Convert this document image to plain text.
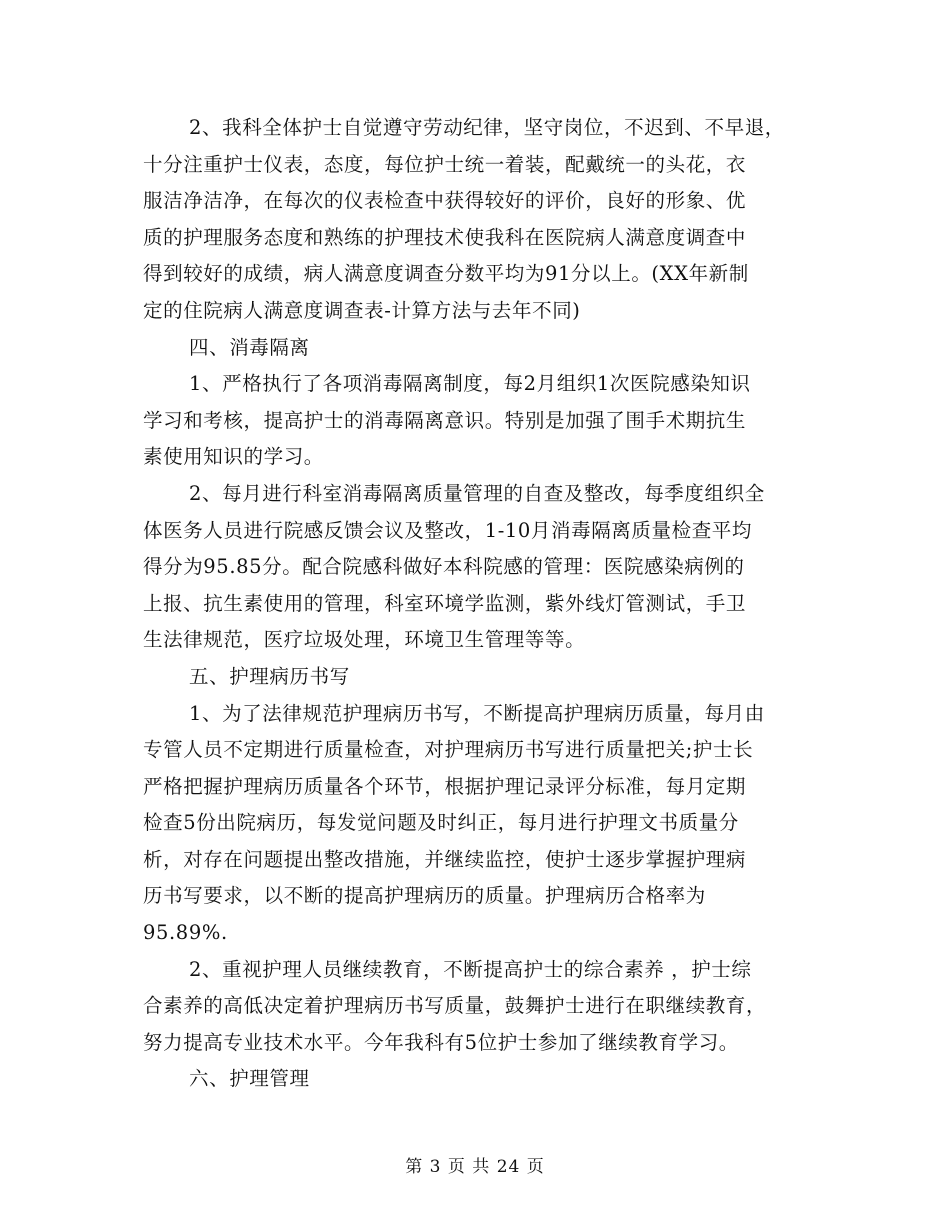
2、我科全体护士自觉遵守劳动纪律，坚守岗位，不迟到、不早退，
十分注重护士仪表，态度，每位护士统一着装，配戴统一的头花，衣
服洁净洁净，在每次的仪表检查中获得较好的评价，良好的形象、优
质的护理服务态度和熟练的护理技术使我科在医院病人满意度调查中
得到较好的成绩，病人满意度调查分数平均为91分以上。(XX年新制
定的住院病人满意度调查表-计算方法与去年不同)
四、消毒隔离
1、严格执行了各项消毒隔离制度，每2月组织1次医院感染知识
学习和考核，提高护士的消毒隔离意识。特别是加强了围手术期抗生
素使用知识的学习。
2、每月进行科室消毒隔离质量管理的自查及整改，每季度组织全
体医务人员进行院感反馈会议及整改，1-10月消毒隔离质量检查平均
得分为95.85分。配合院感科做好本科院感的管理：医院感染病例的
上报、抗生素使用的管理，科室环境学监测，紫外线灯管测试，手卫
生法律规范，医疗垃圾处理，环境卫生管理等等。
五、护理病历书写
1、为了法律规范护理病历书写，不断提高护理病历质量，每月由
专管人员不定期进行质量检查，对护理病历书写进行质量把关;护士长
严格把握护理病历质量各个环节，根据护理记录评分标准，每月定期
检查5份出院病历，每发觉问题及时纠正，每月进行护理文书质量分
析，对存在问题提出整改措施，并继续监控，使护士逐步掌握护理病
历书写要求，以不断的提高护理病历的质量。护理病历合格率为
95.89%.
2、重视护理人员继续教育，不断提高护士的综合素养 ，护士综
合素养的高低决定着护理病历书写质量，鼓舞护士进行在职继续教育，
努力提高专业技术水平。今年我科有5位护士参加了继续教育学习。
六、护理管理
第 3 页 共 24 页
